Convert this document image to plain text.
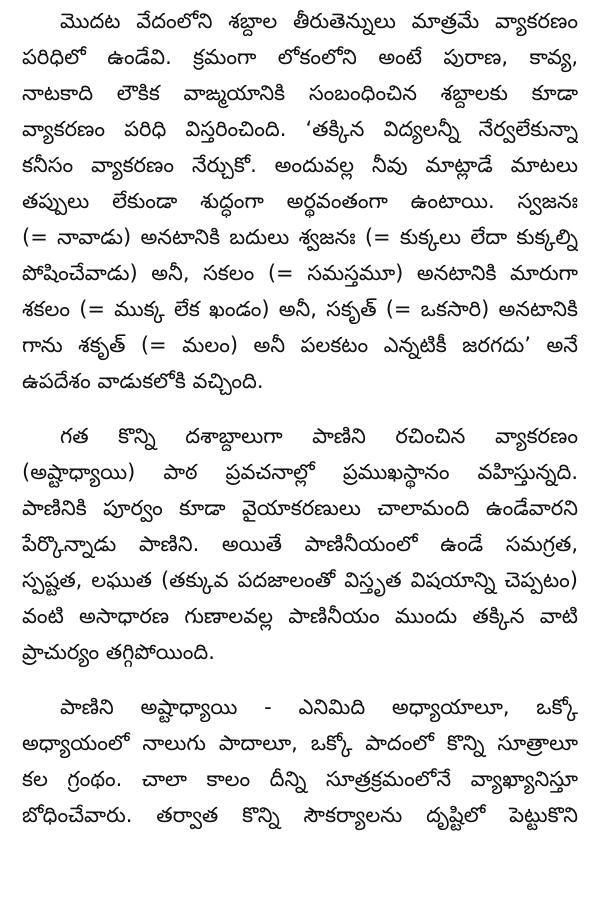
మొదట వేదంలోని శబ్దాల తీరుతెన్నులు మాత్రమే వ్యాకరణం
పరిధిలో ఉండేవి. క్రమంగా లోకంలోని అంటే పురాణ, కావ్య,
నాటకాది లౌకిక వాఙ్మయానికి సంబంధించిన శబ్దాలకు కూడా
వ్యాకరణం పరిధి విస్తరించింది. ‘తక్కిన విద్యలన్నీ నేర్వలేకున్నా
కనీసం వ్యాకరణం నేర్చుకో. అందువల్ల నీవు మాట్లాడే మాటలు
తప్పులు లేకుండా శుద్ధంగా అర్థవంతంగా ఉంటాయి. స్వజనః
(= నావాడు) అనటానికి బదులు శ్వజనః (= కుక్కలు లేదా కుక్కల్ని
పోషించేవాడు) అనీ, సకలం (= సమస్తమూ) అనటానికి మారుగా
శకలం (= ముక్క లేక ఖండం) అనీ, సకృత్ (= ఒకసారి) అనటానికి
గాను శకృత్ (= మలం) అనీ పలకటం ఎన్నటికీ జరగదు’ అనే
ఉపదేశం వాడుకలోకి వచ్చింది.
గత కొన్ని దశాబ్దాలుగా పాణిని రచించిన వ్యాకరణం
(అష్టాధ్యాయి) పాఠ ప్రవచనాల్లో ప్రముఖస్థానం వహిస్తున్నది.
పాణినికి పూర్వం కూడా వైయాకరణులు చాలామంది ఉండేవారని
పేర్కొన్నాడు పాణిని. అయితే పాణినీయంలో ఉండే సమగ్రత,
స్పష్టత, లఘుత (తక్కువ పదజాలంతో విస్తృత విషయాన్ని చెప్పటం)
వంటి అసాధారణ గుణాలవల్ల పాణినీయం ముందు తక్కిన వాటి
ప్రాచుర్యం తగ్గిపోయింది.
పాణిని అష్టాధ్యాయి - ఎనిమిది అధ్యాయాలూ, ఒక్కో
అధ్యాయంలో నాలుగు పాదాలూ, ఒక్కో పాదంలో కొన్ని సూత్రాలూ
కల గ్రంథం. చాలా కాలం దీన్ని సూత్రక్రమంలోనే వ్యాఖ్యానిస్తూ
బోధించేవారు. తర్వాత కొన్ని సౌకర్యాలను దృష్టిలో పెట్టుకొని
